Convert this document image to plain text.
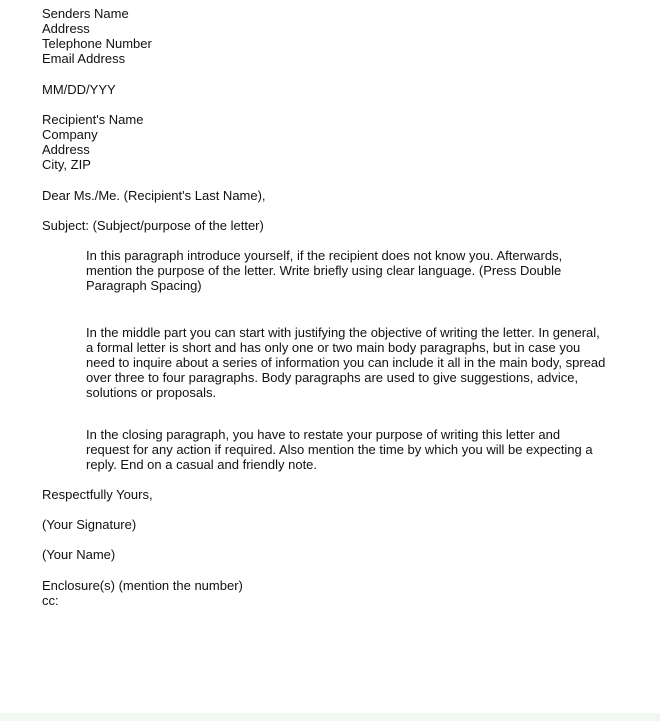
Senders Name
Address
Telephone Number
Email Address
MM/DD/YYY
Recipient's Name
Company
Address
City, ZIP
Dear Ms./Me. (Recipient's Last Name),
Subject: (Subject/purpose of the letter)
In this paragraph introduce yourself, if the recipient does not know you. Afterwards, mention the purpose of the letter. Write briefly using clear language. (Press Double Paragraph Spacing)
In the middle part you can start with justifying the objective of writing the letter. In general, a formal letter is short and has only one or two main body paragraphs, but in case you need to inquire about a series of information you can include it all in the main body, spread over three to four paragraphs. Body paragraphs are used to give suggestions, advice, solutions or proposals.
In the closing paragraph, you have to restate your purpose of writing this letter and request for any action if required. Also mention the time by which you will be expecting a reply. End on a casual and friendly note.
Respectfully Yours,
(Your Signature)
(Your Name)
Enclosure(s) (mention the number)
cc:
